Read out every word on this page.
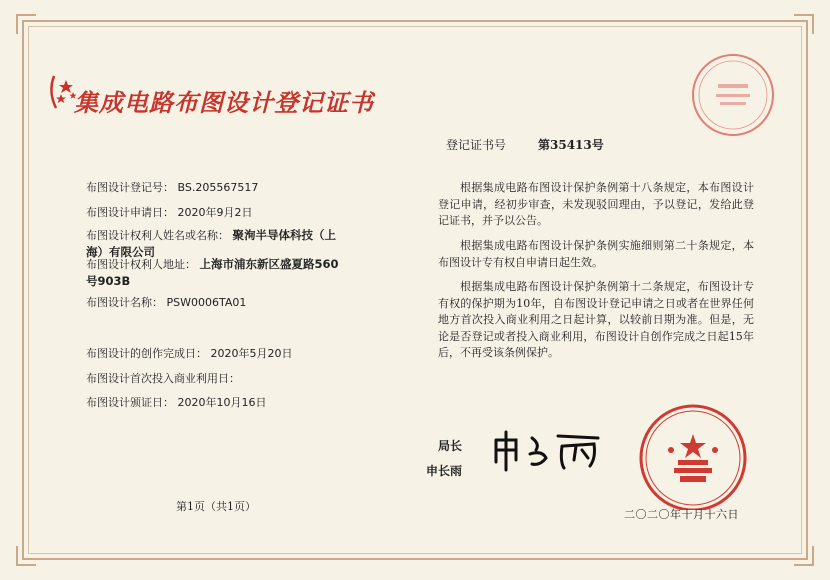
集成电路布图设计登记证书
登记证书号	第35413号
布图设计登记号： BS.205567517
布图设计申请日： 2020年9月2日
布图设计权利人姓名或名称： 聚洵半导体科技（上
海）有限公司
布图设计权利人地址： 上海市浦东新区盛夏路560
号903B
布图设计名称： PSW0006TA01
布图设计的创作完成日： 2020年5月20日
布图设计首次投入商业利用日：
布图设计颁证日： 2020年10月16日
根据集成电路布图设计保护条例第十八条规定，本布图设计登记申请，经初步审查，未发现驳回理由，予以登记，发给此登记证书，并予以公告。
根据集成电路布图设计保护条例实施细则第二十条规定，本布图设计专有权自申请日起生效。
根据集成电路布图设计保护条例第十二条规定，布图设计专有权的保护期为10年，自布图设计登记申请之日或者在世界任何地方首次投入商业利用之日起计算，以较前日期为准。但是，无论是否登记或者投入商业利用，布图设计自创作完成之日起15年后，不再受该条例保护。
局长
申长雨
第1页（共1页）
二〇二〇年十月十六日
